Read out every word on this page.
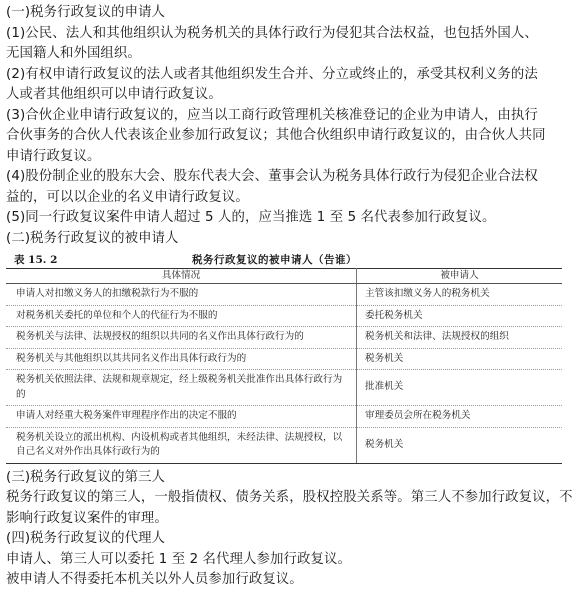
(一)税务行政复议的申请人
(1)公民、法人和其他组织认为税务机关的具体行政行为侵犯其合法权益，也包括外国人、
无国籍人和外国组织。
(2)有权申请行政复议的法人或者其他组织发生合并、分立或终止的，承受其权利义务的法
人或者其他组织可以申请行政复议。
(3)合伙企业申请行政复议的，应当以工商行政管理机关核准登记的企业为申请人，由执行
合伙事务的合伙人代表该企业参加行政复议；其他合伙组织申请行政复议的，由合伙人共同
申请行政复议。
(4)股份制企业的股东大会、股东代表大会、董事会认为税务具体行政行为侵犯企业合法权
益的，可以以企业的名义申请行政复议。
(5)同一行政复议案件申请人超过 5 人的，应当推选 1 至 5 名代表参加行政复议。
(二)税务行政复议的被申请人
表 15. 2	税务行政复议的被申请人（告谁）
具体情况	被申请人
申请人对扣缴义务人的扣缴税款行为不服的	主管该扣缴义务人的税务机关
对税务机关委托的单位和个人的代征行为不服的	委托税务机关
税务机关与法律、法规授权的组织以共同的名义作出具体行政行为的	税务机关和法律、法规授权的组织
税务机关与其他组织以其共同名义作出具体行政行为的	税务机关
税务机关依照法律、法规和规章规定，经上级税务机关批准作出具体行政行为的	批准机关
申请人对经重大税务案件审理程序作出的决定不服的	审理委员会所在税务机关
税务机关设立的派出机构、内设机构或者其他组织，未经法律、法规授权，以自己名义对外作出具体行政行为的	税务机关
(三)税务行政复议的第三人
税务行政复议的第三人，一般指债权、债务关系，股权控股关系等。第三人不参加行政复议，不
影响行政复议案件的审理。
(四)税务行政复议的代理人
申请人、第三人可以委托 1 至 2 名代理人参加行政复议。
被申请人不得委托本机关以外人员参加行政复议。
